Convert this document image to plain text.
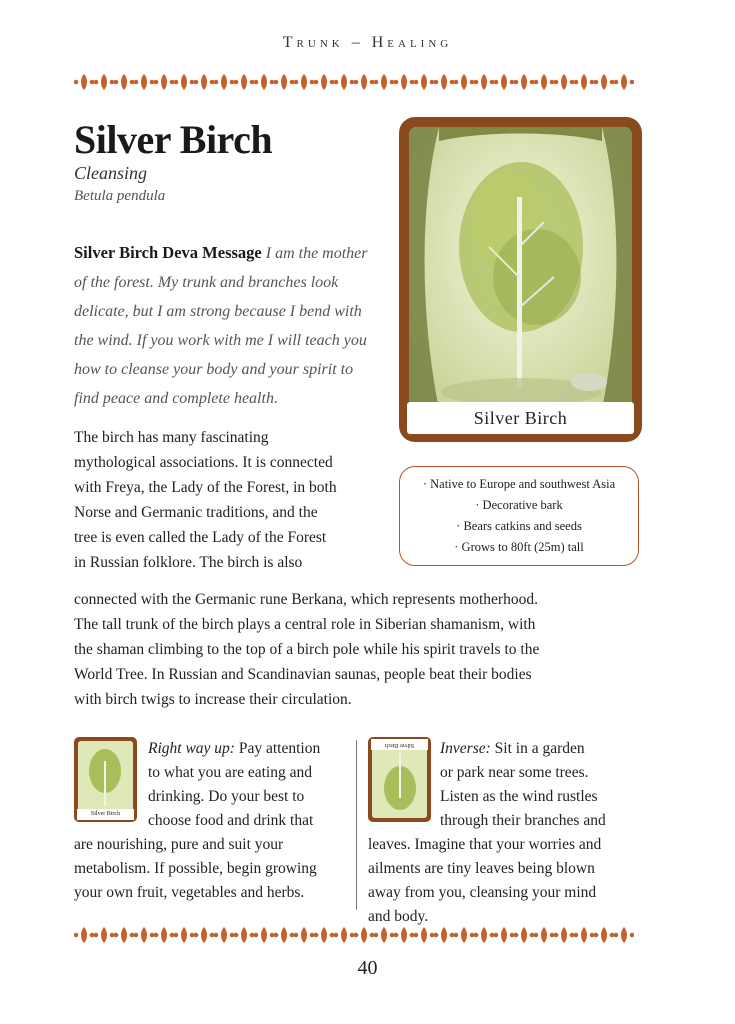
Trunk – Healing
Silver Birch
Cleansing
Betula pendula
Silver Birch Deva Message I am the mother of the forest. My trunk and branches look delicate, but I am strong because I bend with the wind. If you work with me I will teach you how to cleanse your body and your spirit to find peace and complete health.
Silver Birch
· Native to Europe and southwest Asia
· Decorative bark
· Bears catkins and seeds
· Grows to 80ft (25m) tall
The birch has many fascinating
mythological associations. It is connected
with Freya, the Lady of the Forest, in both
Norse and Germanic traditions, and the
tree is even called the Lady of the Forest
in Russian folklore. The birch is also
connected with the Germanic rune Berkana, which represents motherhood.
The tall trunk of the birch plays a central role in Siberian shamanism, with
the shaman climbing to the top of a birch pole while his spirit travels to the
World Tree. In Russian and Scandinavian saunas, people beat their bodies
with birch twigs to increase their circulation.
Silver Birch
Right way up: Pay attention
to what you are eating and
drinking. Do your best to
choose food and drink that
are nourishing, pure and suit your
metabolism. If possible, begin growing
your own fruit, vegetables and herbs.
Silver Birch	Inverse: Sit in a garden
or park near some trees.
Listen as the wind rustles
through their branches and
leaves. Imagine that your worries and
ailments are tiny leaves being blown
away from you, cleansing your mind
and body.
40
